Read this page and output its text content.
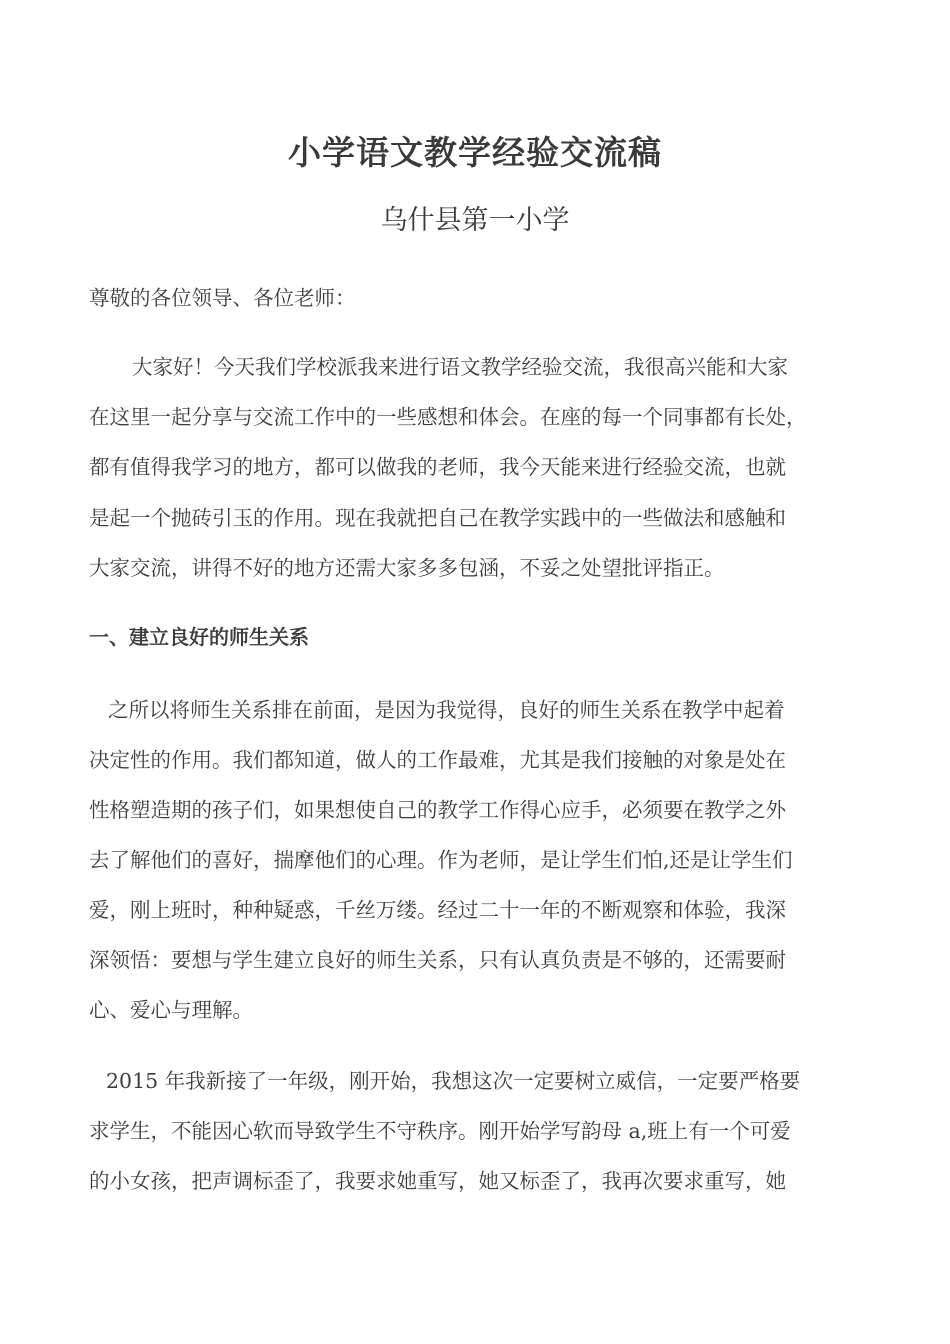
小学语文教学经验交流稿
乌什县第一小学
尊敬的各位领导、各位老师：
大家好！今天我们学校派我来进行语文教学经验交流，我很高兴能和大家
在这里一起分享与交流工作中的一些感想和体会。在座的每一个同事都有长处，
都有值得我学习的地方，都可以做我的老师，我今天能来进行经验交流，也就
是起一个抛砖引玉的作用。现在我就把自己在教学实践中的一些做法和感触和
大家交流，讲得不好的地方还需大家多多包涵，不妥之处望批评指正。
一、建立良好的师生关系
之所以将师生关系排在前面，是因为我觉得，良好的师生关系在教学中起着
决定性的作用。我们都知道，做人的工作最难，尤其是我们接触的对象是处在
性格塑造期的孩子们，如果想使自己的教学工作得心应手，必须要在教学之外
去了解他们的喜好，揣摩他们的心理。作为老师，是让学生们怕,还是让学生们
爱，刚上班时，种种疑惑，千丝万缕。经过二十一年的不断观察和体验，我深
深领悟：要想与学生建立良好的师生关系，只有认真负责是不够的，还需要耐
心、爱心与理解。
2015 年我新接了一年级，刚开始，我想这次一定要树立威信，一定要严格要
求学生，不能因心软而导致学生不守秩序。刚开始学写韵母 a,班上有一个可爱
的小女孩，把声调标歪了，我要求她重写，她又标歪了，我再次要求重写，她
